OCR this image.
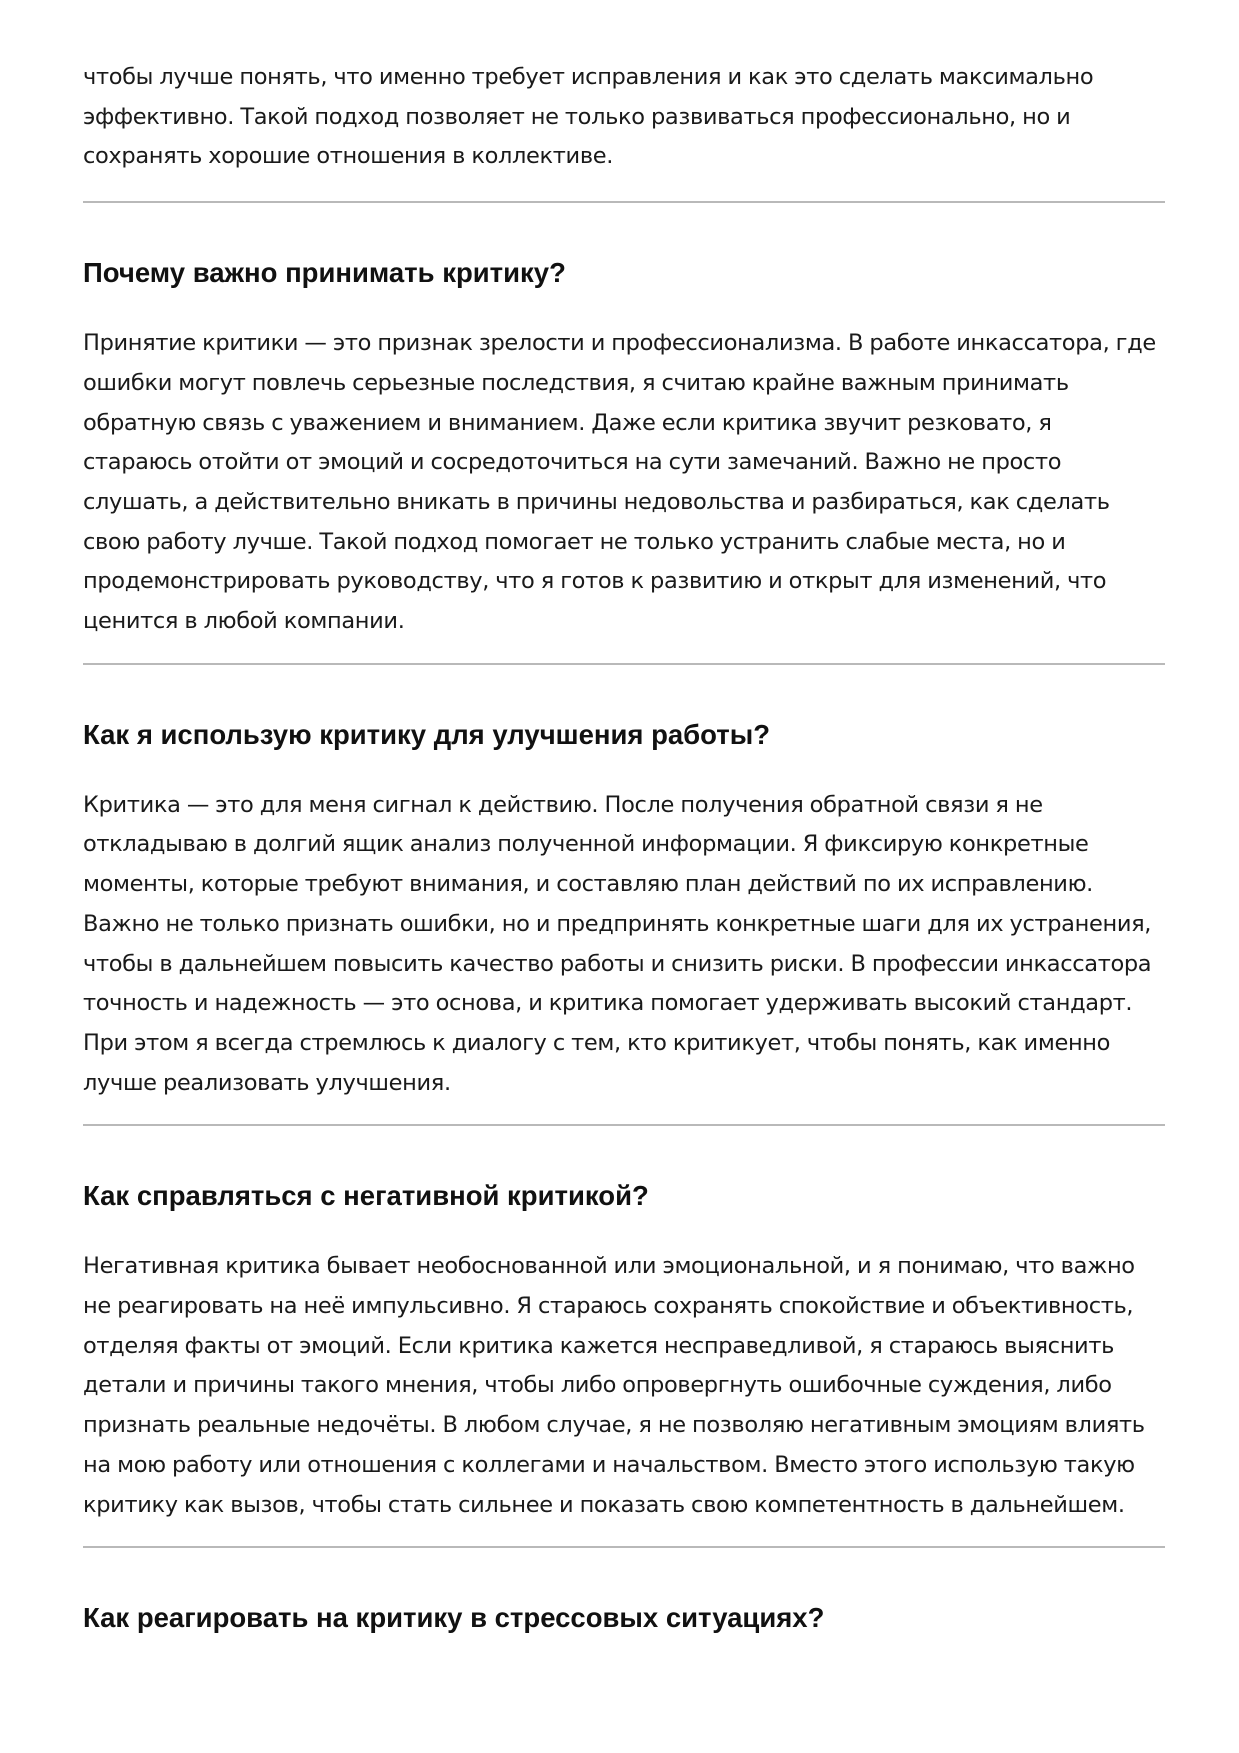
чтобы лучше понять, что именно требует исправления и как это сделать максимально эффективно. Такой подход позволяет не только развиваться профессионально, но и сохранять хорошие отношения в коллективе.

Почему важно принимать критику?

Принятие критики — это признак зрелости и профессионализма. В работе инкассатора, где ошибки могут повлечь серьезные последствия, я считаю крайне важным принимать обратную связь с уважением и вниманием. Даже если критика звучит резковато, я стараюсь отойти от эмоций и сосредоточиться на сути замечаний. Важно не просто слушать, а действительно вникать в причины недовольства и разбираться, как сделать свою работу лучше. Такой подход помогает не только устранить слабые места, но и продемонстрировать руководству, что я готов к развитию и открыт для изменений, что ценится в любой компании.

Как я использую критику для улучшения работы?

Критика — это для меня сигнал к действию. После получения обратной связи я не откладываю в долгий ящик анализ полученной информации. Я фиксирую конкретные моменты, которые требуют внимания, и составляю план действий по их исправлению. Важно не только признать ошибки, но и предпринять конкретные шаги для их устранения, чтобы в дальнейшем повысить качество работы и снизить риски. В профессии инкассатора точность и надежность — это основа, и критика помогает удерживать высокий стандарт. При этом я всегда стремлюсь к диалогу с тем, кто критикует, чтобы понять, как именно лучше реализовать улучшения.

Как справляться с негативной критикой?

Негативная критика бывает необоснованной или эмоциональной, и я понимаю, что важно не реагировать на неё импульсивно. Я стараюсь сохранять спокойствие и объективность, отделяя факты от эмоций. Если критика кажется несправедливой, я стараюсь выяснить детали и причины такого мнения, чтобы либо опровергнуть ошибочные суждения, либо признать реальные недочёты. В любом случае, я не позволяю негативным эмоциям влиять на мою работу или отношения с коллегами и начальством. Вместо этого использую такую критику как вызов, чтобы стать сильнее и показать свою компетентность в дальнейшем.

Как реагировать на критику в стрессовых ситуациях?
